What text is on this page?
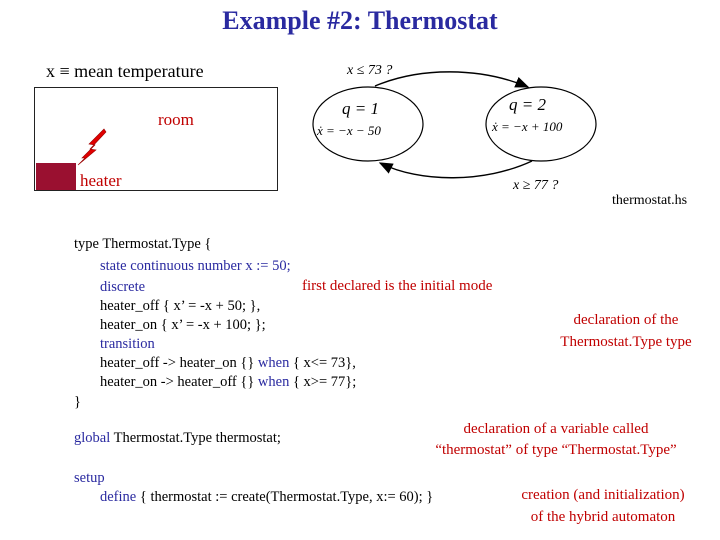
Example #2: Thermostat
x ≡ mean temperature
room
heater
x ≤ 73 ?
x ≥ 77 ?
q = 1
ẋ = −x − 50
q = 2
ẋ = −x + 100
thermostat.hs
type Thermostat.Type {
state continuous number x := 50;
discrete
heater_off { x’ = -x + 50; },
heater_on { x’ = -x + 100; };
transition
heater_off -> heater_on {} when { x<= 73},
heater_on -> heater_off {} when { x>= 77};
}
global Thermostat.Type thermostat;
setup
define { thermostat := create(Thermostat.Type, x:= 60); }
first declared is the initial mode
declaration of the
Thermostat.Type type
declaration of a variable called
“thermostat” of type “Thermostat.Type”
creation (and initialization)
of the hybrid automaton
